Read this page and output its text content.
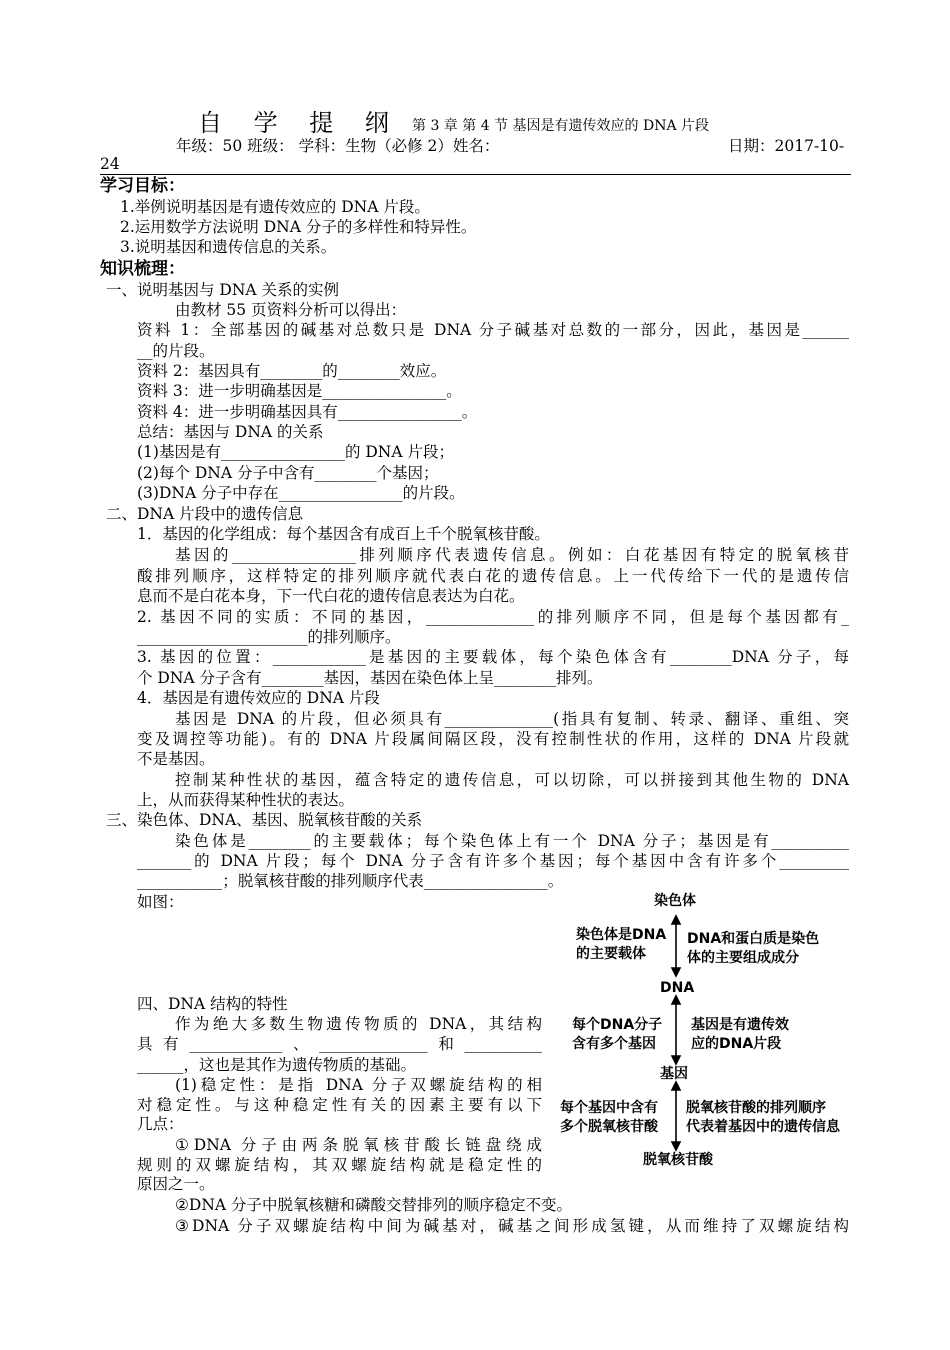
自 学 提 纲 第 3 章 第 4 节 基因是有遗传效应的 DNA 片段
年级：50 班级： 学科：生物（必修 2）姓名：	日期：2017-10-
24
学习目标：
1.举例说明基因是有遗传效应的 DNA 片段。
2.运用数学方法说明 DNA 分子的多样性和特异性。
3.说明基因和遗传信息的关系。
知识梳理：
一、说明基因与 DNA 关系的实例
由教材 55 页资料分析可以得出：
资料 1：全部基因的碱基对总数只是 DNA 分子碱基对总数的一部分，因此，基因是______
__的片段。
资料 2：基因具有________的________效应。
资料 3：进一步明确基因是________________。
资料 4：进一步明确基因具有________________。
总结：基因与 DNA 的关系
(1)基因是有________________的 DNA 片段；
(2)每个 DNA 分子中含有________个基因；
(3)DNA 分子中存在________________的片段。
二、DNA 片段中的遗传信息
1．基因的化学组成：每个基因含有成百上千个脱氧核苷酸。
基因的________________排列顺序代表遗传信息。例如：白花基因有特定的脱氧核苷
酸排列顺序，这样特定的排列顺序就代表白花的遗传信息。上一代传给下一代的是遗传信
息而不是白花本身，下一代白花的遗传信息表达为白花。
2. 基因不同的实质：不同的基因，______________的排列顺序不同，但是每个基因都有_
______________________的排列顺序。
3. 基因的位置：____________是基因的主要载体，每个染色体含有________DNA 分子，每
个 DNA 分子含有________基因，基因在染色体上呈________排列。
4．基因是有遗传效应的 DNA 片段
基因是 DNA 的片段，但必须具有______________(指具有复制、转录、翻译、重组、突
变及调控等功能)。有的 DNA 片段属间隔区段，没有控制性状的作用，这样的 DNA 片段就
不是基因。
控制某种性状的基因，蕴含特定的遗传信息，可以切除，可以拼接到其他生物的 DNA
上，从而获得某种性状的表达。
三、染色体、DNA、基因、脱氧核苷酸的关系
染色体是________的主要载体；每个染色体上有一个 DNA 分子；基因是有__________
_______的 DNA 片段；每个 DNA 分子含有许多个基因；每个基因中含有许多个_________
___________；脱氧核苷酸的排列顺序代表________________。
如图：
四、DNA 结构的特性
作为绝大多数生物遗传物质的 DNA，其结构
具有____________、______________和__________
______，这也是其作为遗传物质的基础。
(1)稳定性：是指 DNA 分子双螺旋结构的相
对稳定性。与这种稳定性有关的因素主要有以下
几点：
①DNA 分子由两条脱氧核苷酸长链盘绕成
规则的双螺旋结构，其双螺旋结构就是稳定性的
原因之一。
②DNA 分子中脱氧核糖和磷酸交替排列的顺序稳定不变。
③DNA 分子双螺旋结构中间为碱基对，碱基之间形成氢键，从而维持了双螺旋结构
染色体
DNA
基因
脱氧核苷酸
染色体是DNA
的主要载体
DNA和蛋白质是染色
体的主要组成成分
每个DNA分子
含有多个基因
基因是有遗传效
应的DNA片段
每个基因中含有
多个脱氧核苷酸
脱氧核苷酸的排列顺序
代表着基因中的遗传信息
